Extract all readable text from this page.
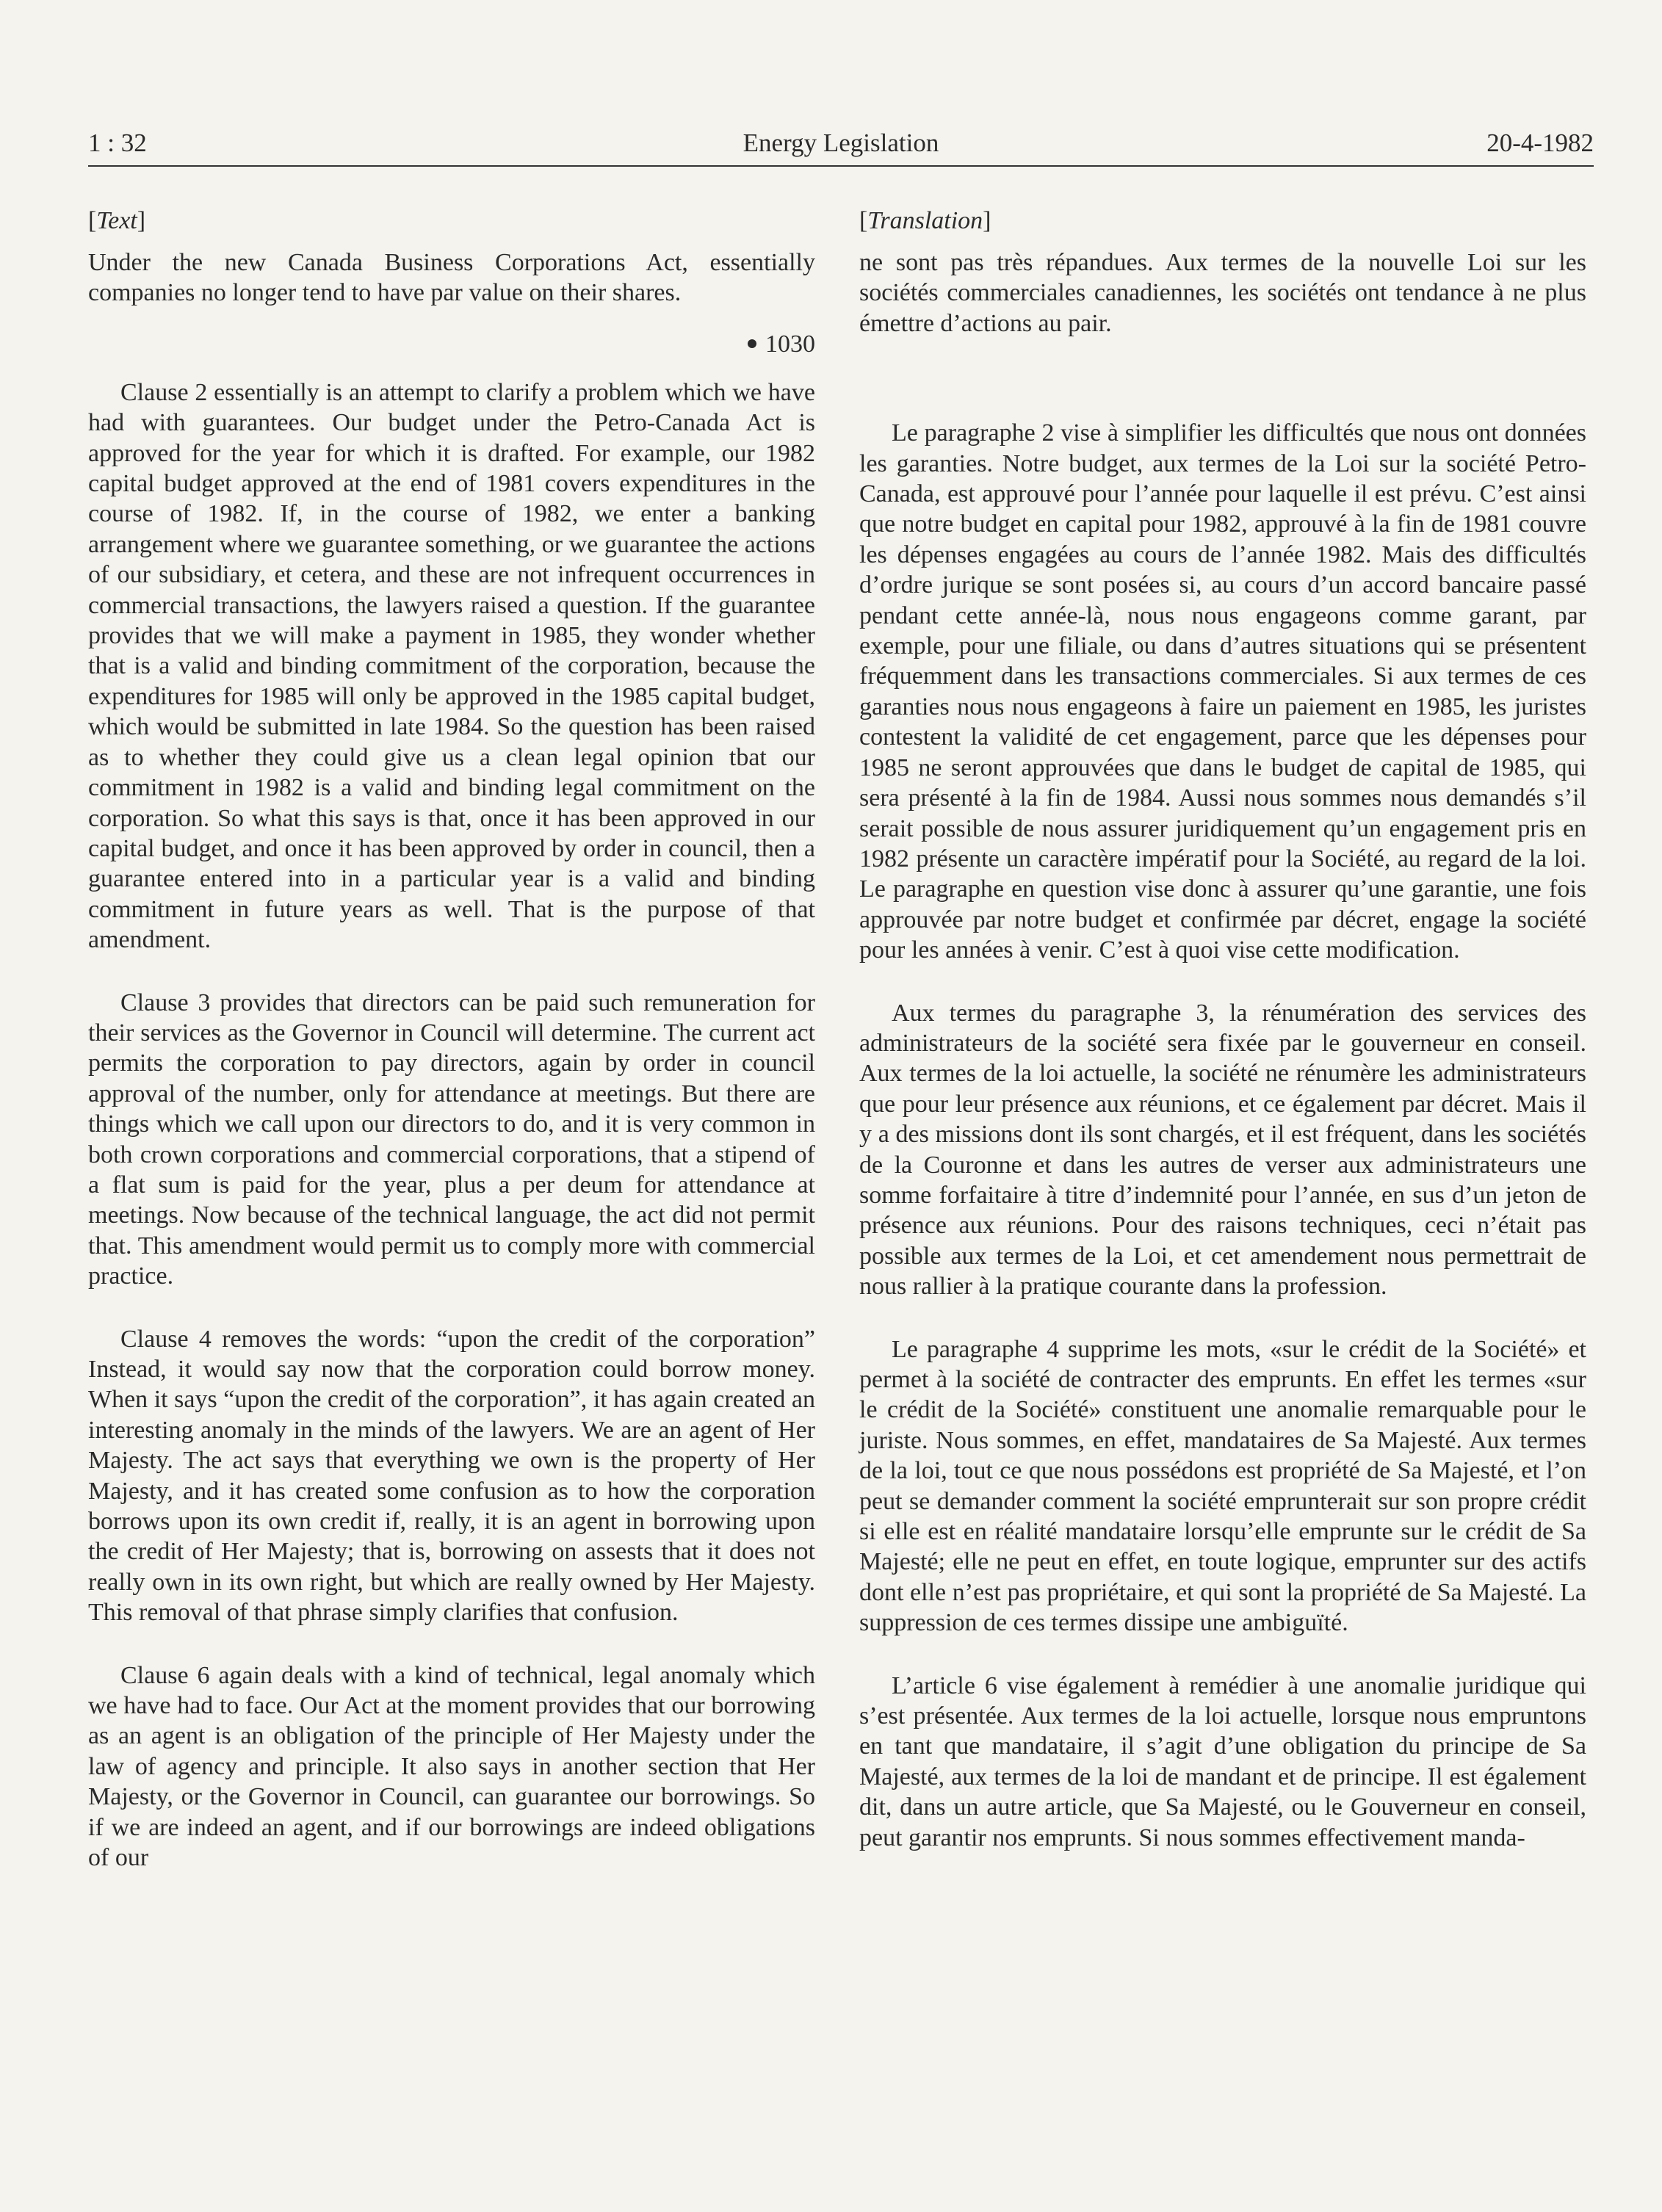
1 : 32	Energy Legislation	20-4-1982
[Text]

Under the new Canada Business Corporations Act, essentially companies no longer tend to have par value on their shares.

1030

Clause 2 essentially is an attempt to clarify a problem which we have had with guarantees. Our budget under the Petro-Canada Act is approved for the year for which it is drafted. For example, our 1982 capital budget approved at the end of 1981 covers expenditures in the course of 1982. If, in the course of 1982, we enter a banking arrangement where we guarantee something, or we guarantee the actions of our subsidiary, et cetera, and these are not infrequent occurrences in commercial transactions, the lawyers raised a question. If the guarantee provides that we will make a payment in 1985, they wonder whether that is a valid and binding commitment of the corporation, because the expenditures for 1985 will only be approved in the 1985 capital budget, which would be submitted in late 1984. So the question has been raised as to whether they could give us a clean legal opinion tbat our commitment in 1982 is a valid and binding legal commitment on the corporation. So what this says is that, once it has been approved in our capital budget, and once it has been approved by order in council, then a guarantee entered into in a particular year is a valid and binding commitment in future years as well. That is the purpose of that amendment.

Clause 3 provides that directors can be paid such remuneration for their services as the Governor in Council will determine. The current act permits the corporation to pay directors, again by order in council approval of the number, only for attendance at meetings. But there are things which we call upon our directors to do, and it is very common in both crown corporations and commercial corporations, that a stipend of a flat sum is paid for the year, plus a per deum for attendance at meetings. Now because of the technical language, the act did not permit that. This amendment would permit us to comply more with commercial practice.

Clause 4 removes the words: “upon the credit of the corporation” Instead, it would say now that the corporation could borrow money. When it says “upon the credit of the corporation”, it has again created an interesting anomaly in the minds of the lawyers. We are an agent of Her Majesty. The act says that everything we own is the property of Her Majesty, and it has created some confusion as to how the corporation borrows upon its own credit if, really, it is an agent in borrowing upon the credit of Her Majesty; that is, borrowing on assests that it does not really own in its own right, but which are really owned by Her Majesty. This removal of that phrase simply clarifies that confusion.

Clause 6 again deals with a kind of technical, legal anomaly which we have had to face. Our Act at the moment provides that our borrowing as an agent is an obligation of the principle of Her Majesty under the law of agency and principle. It also says in another section that Her Majesty, or the Governor in Council, can guarantee our borrowings. So if we are indeed an agent, and if our borrowings are indeed obligations of our

[Translation]

ne sont pas très répandues. Aux termes de la nouvelle Loi sur les sociétés commerciales canadiennes, les sociétés ont tendance à ne plus émettre d’actions au pair.

Le paragraphe 2 vise à simplifier les difficultés que nous ont données les garanties. Notre budget, aux termes de la Loi sur la société Petro-Canada, est approuvé pour l’année pour laquelle il est prévu. C’est ainsi que notre budget en capital pour 1982, approuvé à la fin de 1981 couvre les dépenses engagées au cours de l’année 1982. Mais des difficultés d’ordre jurique se sont posées si, au cours d’un accord bancaire passé pendant cette année-là, nous nous engageons comme garant, par exemple, pour une filiale, ou dans d’autres situations qui se présentent fréquemment dans les transactions commerciales. Si aux termes de ces garanties nous nous engageons à faire un paiement en 1985, les juristes contestent la validité de cet engagement, parce que les dépenses pour 1985 ne seront approuvées que dans le budget de capital de 1985, qui sera présenté à la fin de 1984. Aussi nous sommes nous demandés s’il serait possible de nous assurer juridiquement qu’un engagement pris en 1982 présente un caractère impératif pour la Société, au regard de la loi. Le paragraphe en question vise donc à assurer qu’une garantie, une fois approuvée par notre budget et confirmée par décret, engage la société pour les années à venir. C’est à quoi vise cette modification.

Aux termes du paragraphe 3, la rénumération des services des administrateurs de la société sera fixée par le gouverneur en conseil. Aux termes de la loi actuelle, la société ne rénumère les administrateurs que pour leur présence aux réunions, et ce également par décret. Mais il y a des missions dont ils sont chargés, et il est fréquent, dans les sociétés de la Couronne et dans les autres de verser aux administrateurs une somme forfaitaire à titre d’indemnité pour l’année, en sus d’un jeton de présence aux réunions. Pour des raisons techniques, ceci n’était pas possible aux termes de la Loi, et cet amendement nous permettrait de nous rallier à la pratique courante dans la profession.

Le paragraphe 4 supprime les mots, «sur le crédit de la Société» et permet à la société de contracter des emprunts. En effet les termes «sur le crédit de la Société» constituent une anomalie remarquable pour le juriste. Nous sommes, en effet, mandataires de Sa Majesté. Aux termes de la loi, tout ce que nous possédons est propriété de Sa Majesté, et l’on peut se demander comment la société emprunterait sur son propre crédit si elle est en réalité mandataire lorsqu’elle emprunte sur le crédit de Sa Majesté; elle ne peut en effet, en toute logique, emprunter sur des actifs dont elle n’est pas propriétaire, et qui sont la propriété de Sa Majesté. La suppression de ces termes dissipe une ambiguïté.

L’article 6 vise également à remédier à une anomalie juridique qui s’est présentée. Aux termes de la loi actuelle, lorsque nous empruntons en tant que mandataire, il s’agit d’une obligation du principe de Sa Majesté, aux termes de la loi de mandant et de principe. Il est également dit, dans un autre article, que Sa Majesté, ou le Gouverneur en conseil, peut garantir nos emprunts. Si nous sommes effectivement manda-
